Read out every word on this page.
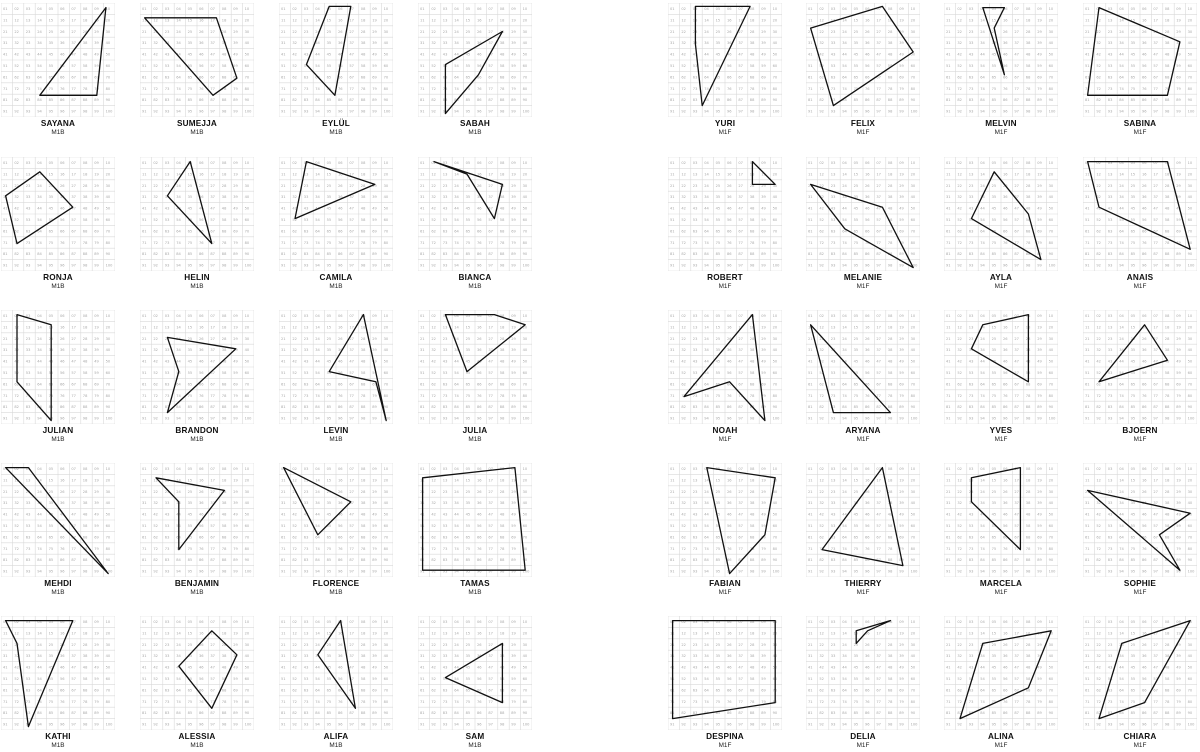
01 02 03 04 05 06 07 08 09 10
11 12 13 14 15 16 17 18 19 20
21 22 23 24 25 26 27 28 29 30
31 32 33 34 35 36 37 38 39 40
41 42 43 44 45 46 47 48 49 50
51 52 53 54 55 56 57 58 59 60
61 62 63 64 65 66 67 68 69 70
71 72 73 74 75 76 77 78 79 80
81 82 83 84 85 86 87 88 89 90
91 92 93 94 95 96 97 98 99 100
SAYANA
M1B
01 02 03 04 05 06 07 08 09 10
11 12 13 14 15 16 17 18 19 20
21 22 23 24 25 26 27 28 29 30
31 32 33 34 35 36 37 38 39 40
41 42 43 44 45 46 47 48 49 50
51 52 53 54 55 56 57 58 59 60
61 62 63 64 65 66 67 68 69 70
71 72 73 74 75 76 77 78 79 80
81 82 83 84 85 86 87 88 89 90
91 92 93 94 95 96 97 98 99 100
SUMEJJA
M1B
01 02 03 04 05 06 07 08 09 10
11 12 13 14 15 16 17 18 19 20
21 22 23 24 25 26 27 28 29 30
31 32 33 34 35 36 37 38 39 40
41 42 43 44 45 46 47 48 49 50
51 52 53 54 55 56 57 58 59 60
61 62 63 64 65 66 67 68 69 70
71 72 73 74 75 76 77 78 79 80
81 82 83 84 85 86 87 88 89 90
91 92 93 94 95 96 97 98 99 100
EYLÜL
M1B
01 02 03 04 05 06 07 08 09 10
11 12 13 14 15 16 17 18 19 20
21 22 23 24 25 26 27 28 29 30
31 32 33 34 35 36 37 38 39 40
41 42 43 44 45 46 47 48 49 50
51 52 53 54 55 56 57 58 59 60
61 62 63 64 65 66 67 68 69 70
71 72 73 74 75 76 77 78 79 80
81 82 83 84 85 86 87 88 89 90
91 92 93 94 95 96 97 98 99 100
SABAH
M1B
01 02 03 04 05 06 07 08 09 10
11 12 13 14 15 16 17 18 19 20
21 22 23 24 25 26 27 28 29 30
31 32 33 34 35 36 37 38 39 40
41 42 43 44 45 46 47 48 49 50
51 52 53 54 55 56 57 58 59 60
61 62 63 64 65 66 67 68 69 70
71 72 73 74 75 76 77 78 79 80
81 82 83 84 85 86 87 88 89 90
91 92 93 94 95 96 97 98 99 100
YURI
M1F
01 02 03 04 05 06 07 08 09 10
11 12 13 14 15 16 17 18 19 20
21 22 23 24 25 26 27 28 29 30
31 32 33 34 35 36 37 38 39 40
41 42 43 44 45 46 47 48 49 50
51 52 53 54 55 56 57 58 59 60
61 62 63 64 65 66 67 68 69 70
71 72 73 74 75 76 77 78 79 80
81 82 83 84 85 86 87 88 89 90
91 92 93 94 95 96 97 98 99 100
FELIX
M1F
01 02 03 04 05 06 07 08 09 10
11 12 13 14 15 16 17 18 19 20
21 22 23 24 25 26 27 28 29 30
31 32 33 34 35 36 37 38 39 40
41 42 43 44 45 46 47 48 49 50
51 52 53 54 55 56 57 58 59 60
61 62 63 64 65 66 67 68 69 70
71 72 73 74 75 76 77 78 79 80
81 82 83 84 85 86 87 88 89 90
91 92 93 94 95 96 97 98 99 100
MELVIN
M1F
01 02 03 04 05 06 07 08 09 10
11 12 13 14 15 16 17 18 19 20
21 22 23 24 25 26 27 28 29 30
31 32 33 34 35 36 37 38 39 40
41 42 43 44 45 46 47 48 49 50
51 52 53 54 55 56 57 58 59 60
61 62 63 64 65 66 67 68 69 70
71 72 73 74 75 76 77 78 79 80
81 82 83 84 85 86 87 88 89 90
91 92 93 94 95 96 97 98 99 100
SABINA
M1F
01 02 03 04 05 06 07 08 09 10
11 12 13 14 15 16 17 18 19 20
21 22 23 24 25 26 27 28 29 30
31 32 33 34 35 36 37 38 39 40
41 42 43 44 45 46 47 48 49 50
51 52 53 54 55 56 57 58 59 60
61 62 63 64 65 66 67 68 69 70
71 72 73 74 75 76 77 78 79 80
81 82 83 84 85 86 87 88 89 90
91 92 93 94 95 96 97 98 99 100
RONJA
M1B
01 02 03 04 05 06 07 08 09 10
11 12 13 14 15 16 17 18 19 20
21 22 23 24 25 26 27 28 29 30
31 32 33 34 35 36 37 38 39 40
41 42 43 44 45 46 47 48 49 50
51 52 53 54 55 56 57 58 59 60
61 62 63 64 65 66 67 68 69 70
71 72 73 74 75 76 77 78 79 80
81 82 83 84 85 86 87 88 89 90
91 92 93 94 95 96 97 98 99 100
HELIN
M1B
01 02 03 04 05 06 07 08 09 10
11 12 13 14 15 16 17 18 19 20
21 22 23 24 25 26 27 28 29 30
31 32 33 34 35 36 37 38 39 40
41 42 43 44 45 46 47 48 49 50
51 52 53 54 55 56 57 58 59 60
61 62 63 64 65 66 67 68 69 70
71 72 73 74 75 76 77 78 79 80
81 82 83 84 85 86 87 88 89 90
91 92 93 94 95 96 97 98 99 100
CAMILA
M1B
01 02 03 04 05 06 07 08 09 10
11 12 13 14 15 16 17 18 19 20
21 22 23 24 25 26 27 28 29 30
31 32 33 34 35 36 37 38 39 40
41 42 43 44 45 46 47 48 49 50
51 52 53 54 55 56 57 58 59 60
61 62 63 64 65 66 67 68 69 70
71 72 73 74 75 76 77 78 79 80
81 82 83 84 85 86 87 88 89 90
91 92 93 94 95 96 97 98 99 100
BIANCA
M1B
01 02 03 04 05 06 07 08 09 10
11 12 13 14 15 16 17 18 19 20
21 22 23 24 25 26 27 28 29 30
31 32 33 34 35 36 37 38 39 40
41 42 43 44 45 46 47 48 49 50
51 52 53 54 55 56 57 58 59 60
61 62 63 64 65 66 67 68 69 70
71 72 73 74 75 76 77 78 79 80
81 82 83 84 85 86 87 88 89 90
91 92 93 94 95 96 97 98 99 100
ROBERT
M1F
01 02 03 04 05 06 07 08 09 10
11 12 13 14 15 16 17 18 19 20
21 22 23 24 25 26 27 28 29 30
31 32 33 34 35 36 37 38 39 40
41 42 43 44 45 46 47 48 49 50
51 52 53 54 55 56 57 58 59 60
61 62 63 64 65 66 67 68 69 70
71 72 73 74 75 76 77 78 79 80
81 82 83 84 85 86 87 88 89 90
91 92 93 94 95 96 97 98 99 100
MELANIE
M1F
01 02 03 04 05 06 07 08 09 10
11 12 13 14 15 16 17 18 19 20
21 22 23 24 25 26 27 28 29 30
31 32 33 34 35 36 37 38 39 40
41 42 43 44 45 46 47 48 49 50
51 52 53 54 55 56 57 58 59 60
61 62 63 64 65 66 67 68 69 70
71 72 73 74 75 76 77 78 79 80
81 82 83 84 85 86 87 88 89 90
91 92 93 94 95 96 97 98 99 100
AYLA
M1F
01 02 03 04 05 06 07 08 09 10
11 12 13 14 15 16 17 18 19 20
21 22 23 24 25 26 27 28 29 30
31 32 33 34 35 36 37 38 39 40
41 42 43 44 45 46 47 48 49 50
51 52 53 54 55 56 57 58 59 60
61 62 63 64 65 66 67 68 69 70
71 72 73 74 75 76 77 78 79 80
81 82 83 84 85 86 87 88 89 90
91 92 93 94 95 96 97 98 99 100
ANAIS
M1F
01 02 03 04 05 06 07 08 09 10
11 12 13 14 15 16 17 18 19 20
21 22 23 24 25 26 27 28 29 30
31 32 33 34 35 36 37 38 39 40
41 42 43 44 45 46 47 48 49 50
51 52 53 54 55 56 57 58 59 60
61 62 63 64 65 66 67 68 69 70
71 72 73 74 75 76 77 78 79 80
81 82 83 84 85 86 87 88 89 90
91 92 93 94 95 96 97 98 99 100
JULIAN
M1B
01 02 03 04 05 06 07 08 09 10
11 12 13 14 15 16 17 18 19 20
21 22 23 24 25 26 27 28 29 30
31 32 33 34 35 36 37 38 39 40
41 42 43 44 45 46 47 48 49 50
51 52 53 54 55 56 57 58 59 60
61 62 63 64 65 66 67 68 69 70
71 72 73 74 75 76 77 78 79 80
81 82 83 84 85 86 87 88 89 90
91 92 93 94 95 96 97 98 99 100
BRANDON
M1B
01 02 03 04 05 06 07 08 09 10
11 12 13 14 15 16 17 18 19 20
21 22 23 24 25 26 27 28 29 30
31 32 33 34 35 36 37 38 39 40
41 42 43 44 45 46 47 48 49 50
51 52 53 54 55 56 57 58 59 60
61 62 63 64 65 66 67 68 69 70
71 72 73 74 75 76 77 78 79 80
81 82 83 84 85 86 87 88 89 90
91 92 93 94 95 96 97 98 99 100
LEVIN
M1B
01 02 03 04 05 06 07 08 09 10
11 12 13 14 15 16 17 18 19 20
21 22 23 24 25 26 27 28 29 30
31 32 33 34 35 36 37 38 39 40
41 42 43 44 45 46 47 48 49 50
51 52 53 54 55 56 57 58 59 60
61 62 63 64 65 66 67 68 69 70
71 72 73 74 75 76 77 78 79 80
81 82 83 84 85 86 87 88 89 90
91 92 93 94 95 96 97 98 99 100
JULIA
M1B
01 02 03 04 05 06 07 08 09 10
11 12 13 14 15 16 17 18 19 20
21 22 23 24 25 26 27 28 29 30
31 32 33 34 35 36 37 38 39 40
41 42 43 44 45 46 47 48 49 50
51 52 53 54 55 56 57 58 59 60
61 62 63 64 65 66 67 68 69 70
71 72 73 74 75 76 77 78 79 80
81 82 83 84 85 86 87 88 89 90
91 92 93 94 95 96 97 98 99 100
NOAH
M1F
01 02 03 04 05 06 07 08 09 10
11 12 13 14 15 16 17 18 19 20
21 22 23 24 25 26 27 28 29 30
31 32 33 34 35 36 37 38 39 40
41 42 43 44 45 46 47 48 49 50
51 52 53 54 55 56 57 58 59 60
61 62 63 64 65 66 67 68 69 70
71 72 73 74 75 76 77 78 79 80
81 82 83 84 85 86 87 88 89 90
91 92 93 94 95 96 97 98 99 100
ARYANA
M1F
01 02 03 04 05 06 07 08 09 10
11 12 13 14 15 16 17 18 19 20
21 22 23 24 25 26 27 28 29 30
31 32 33 34 35 36 37 38 39 40
41 42 43 44 45 46 47 48 49 50
51 52 53 54 55 56 57 58 59 60
61 62 63 64 65 66 67 68 69 70
71 72 73 74 75 76 77 78 79 80
81 82 83 84 85 86 87 88 89 90
91 92 93 94 95 96 97 98 99 100
YVES
M1F
01 02 03 04 05 06 07 08 09 10
11 12 13 14 15 16 17 18 19 20
21 22 23 24 25 26 27 28 29 30
31 32 33 34 35 36 37 38 39 40
41 42 43 44 45 46 47 48 49 50
51 52 53 54 55 56 57 58 59 60
61 62 63 64 65 66 67 68 69 70
71 72 73 74 75 76 77 78 79 80
81 82 83 84 85 86 87 88 89 90
91 92 93 94 95 96 97 98 99 100
BJOERN
M1F
01 02 03 04 05 06 07 08 09 10
11 12 13 14 15 16 17 18 19 20
21 22 23 24 25 26 27 28 29 30
31 32 33 34 35 36 37 38 39 40
41 42 43 44 45 46 47 48 49 50
51 52 53 54 55 56 57 58 59 60
61 62 63 64 65 66 67 68 69 70
71 72 73 74 75 76 77 78 79 80
81 82 83 84 85 86 87 88 89 90
91 92 93 94 95 96 97 98 99 100
MEHDI
M1B
01 02 03 04 05 06 07 08 09 10
11 12 13 14 15 16 17 18 19 20
21 22 23 24 25 26 27 28 29 30
31 32 33 34 35 36 37 38 39 40
41 42 43 44 45 46 47 48 49 50
51 52 53 54 55 56 57 58 59 60
61 62 63 64 65 66 67 68 69 70
71 72 73 74 75 76 77 78 79 80
81 82 83 84 85 86 87 88 89 90
91 92 93 94 95 96 97 98 99 100
BENJAMIN
M1B
01 02 03 04 05 06 07 08 09 10
11 12 13 14 15 16 17 18 19 20
21 22 23 24 25 26 27 28 29 30
31 32 33 34 35 36 37 38 39 40
41 42 43 44 45 46 47 48 49 50
51 52 53 54 55 56 57 58 59 60
61 62 63 64 65 66 67 68 69 70
71 72 73 74 75 76 77 78 79 80
81 82 83 84 85 86 87 88 89 90
91 92 93 94 95 96 97 98 99 100
FLORENCE
M1B
01 02 03 04 05 06 07 08 09 10
11 12 13 14 15 16 17 18 19 20
21 22 23 24 25 26 27 28 29 30
31 32 33 34 35 36 37 38 39 40
41 42 43 44 45 46 47 48 49 50
51 52 53 54 55 56 57 58 59 60
61 62 63 64 65 66 67 68 69 70
71 72 73 74 75 76 77 78 79 80
81 82 83 84 85 86 87 88 89 90
91 92 93 94 95 96 97 98 99 100
TAMAS
M1B
01 02 03 04 05 06 07 08 09 10
11 12 13 14 15 16 17 18 19 20
21 22 23 24 25 26 27 28 29 30
31 32 33 34 35 36 37 38 39 40
41 42 43 44 45 46 47 48 49 50
51 52 53 54 55 56 57 58 59 60
61 62 63 64 65 66 67 68 69 70
71 72 73 74 75 76 77 78 79 80
81 82 83 84 85 86 87 88 89 90
91 92 93 94 95 96 97 98 99 100
FABIAN
M1F
01 02 03 04 05 06 07 08 09 10
11 12 13 14 15 16 17 18 19 20
21 22 23 24 25 26 27 28 29 30
31 32 33 34 35 36 37 38 39 40
41 42 43 44 45 46 47 48 49 50
51 52 53 54 55 56 57 58 59 60
61 62 63 64 65 66 67 68 69 70
71 72 73 74 75 76 77 78 79 80
81 82 83 84 85 86 87 88 89 90
91 92 93 94 95 96 97 98 99 100
THIERRY
M1F
01 02 03 04 05 06 07 08 09 10
11 12 13 14 15 16 17 18 19 20
21 22 23 24 25 26 27 28 29 30
31 32 33 34 35 36 37 38 39 40
41 42 43 44 45 46 47 48 49 50
51 52 53 54 55 56 57 58 59 60
61 62 63 64 65 66 67 68 69 70
71 72 73 74 75 76 77 78 79 80
81 82 83 84 85 86 87 88 89 90
91 92 93 94 95 96 97 98 99 100
MARCELA
M1F
01 02 03 04 05 06 07 08 09 10
11 12 13 14 15 16 17 18 19 20
21 22 23 24 25 26 27 28 29 30
31 32 33 34 35 36 37 38 39 40
41 42 43 44 45 46 47 48 49 50
51 52 53 54 55 56 57 58 59 60
61 62 63 64 65 66 67 68 69 70
71 72 73 74 75 76 77 78 79 80
81 82 83 84 85 86 87 88 89 90
91 92 93 94 95 96 97 98 99 100
SOPHIE
M1F
01 02 03 04 05 06 07 08 09 10
11 12 13 14 15 16 17 18 19 20
21 22 23 24 25 26 27 28 29 30
31 32 33 34 35 36 37 38 39 40
41 42 43 44 45 46 47 48 49 50
51 52 53 54 55 56 57 58 59 60
61 62 63 64 65 66 67 68 69 70
71 72 73 74 75 76 77 78 79 80
81 82 83 84 85 86 87 88 89 90
91 92 93 94 95 96 97 98 99 100
KATHI
M1B
01 02 03 04 05 06 07 08 09 10
11 12 13 14 15 16 17 18 19 20
21 22 23 24 25 26 27 28 29 30
31 32 33 34 35 36 37 38 39 40
41 42 43 44 45 46 47 48 49 50
51 52 53 54 55 56 57 58 59 60
61 62 63 64 65 66 67 68 69 70
71 72 73 74 75 76 77 78 79 80
81 82 83 84 85 86 87 88 89 90
91 92 93 94 95 96 97 98 99 100
ALESSIA
M1B
01 02 03 04 05 06 07 08 09 10
11 12 13 14 15 16 17 18 19 20
21 22 23 24 25 26 27 28 29 30
31 32 33 34 35 36 37 38 39 40
41 42 43 44 45 46 47 48 49 50
51 52 53 54 55 56 57 58 59 60
61 62 63 64 65 66 67 68 69 70
71 72 73 74 75 76 77 78 79 80
81 82 83 84 85 86 87 88 89 90
91 92 93 94 95 96 97 98 99 100
ALIFA
M1B
01 02 03 04 05 06 07 08 09 10
11 12 13 14 15 16 17 18 19 20
21 22 23 24 25 26 27 28 29 30
31 32 33 34 35 36 37 38 39 40
41 42 43 44 45 46 47 48 49 50
51 52 53 54 55 56 57 58 59 60
61 62 63 64 65 66 67 68 69 70
71 72 73 74 75 76 77 78 79 80
81 82 83 84 85 86 87 88 89 90
91 92 93 94 95 96 97 98 99 100
SAM
M1B
01 02 03 04 05 06 07 08 09 10
11 12 13 14 15 16 17 18 19 20
21 22 23 24 25 26 27 28 29 30
31 32 33 34 35 36 37 38 39 40
41 42 43 44 45 46 47 48 49 50
51 52 53 54 55 56 57 58 59 60
61 62 63 64 65 66 67 68 69 70
71 72 73 74 75 76 77 78 79 80
81 82 83 84 85 86 87 88 89 90
91 92 93 94 95 96 97 98 99 100
DESPINA
M1F
01 02 03 04 05 06 07 08 09 10
11 12 13 14 15 16 17 18 19 20
21 22 23 24 25 26 27 28 29 30
31 32 33 34 35 36 37 38 39 40
41 42 43 44 45 46 47 48 49 50
51 52 53 54 55 56 57 58 59 60
61 62 63 64 65 66 67 68 69 70
71 72 73 74 75 76 77 78 79 80
81 82 83 84 85 86 87 88 89 90
91 92 93 94 95 96 97 98 99 100
DELIA
M1F
01 02 03 04 05 06 07 08 09 10
11 12 13 14 15 16 17 18 19 20
21 22 23 24 25 26 27 28 29 30
31 32 33 34 35 36 37 38 39 40
41 42 43 44 45 46 47 48 49 50
51 52 53 54 55 56 57 58 59 60
61 62 63 64 65 66 67 68 69 70
71 72 73 74 75 76 77 78 79 80
81 82 83 84 85 86 87 88 89 90
91 92 93 94 95 96 97 98 99 100
ALINA
M1F
01 02 03 04 05 06 07 08 09 10
11 12 13 14 15 16 17 18 19 20
21 22 23 24 25 26 27 28 29 30
31 32 33 34 35 36 37 38 39 40
41 42 43 44 45 46 47 48 49 50
51 52 53 54 55 56 57 58 59 60
61 62 63 64 65 66 67 68 69 70
71 72 73 74 75 76 77 78 79 80
81 82 83 84 85 86 87 88 89 90
91 92 93 94 95 96 97 98 99 100
CHIARA
M1F
